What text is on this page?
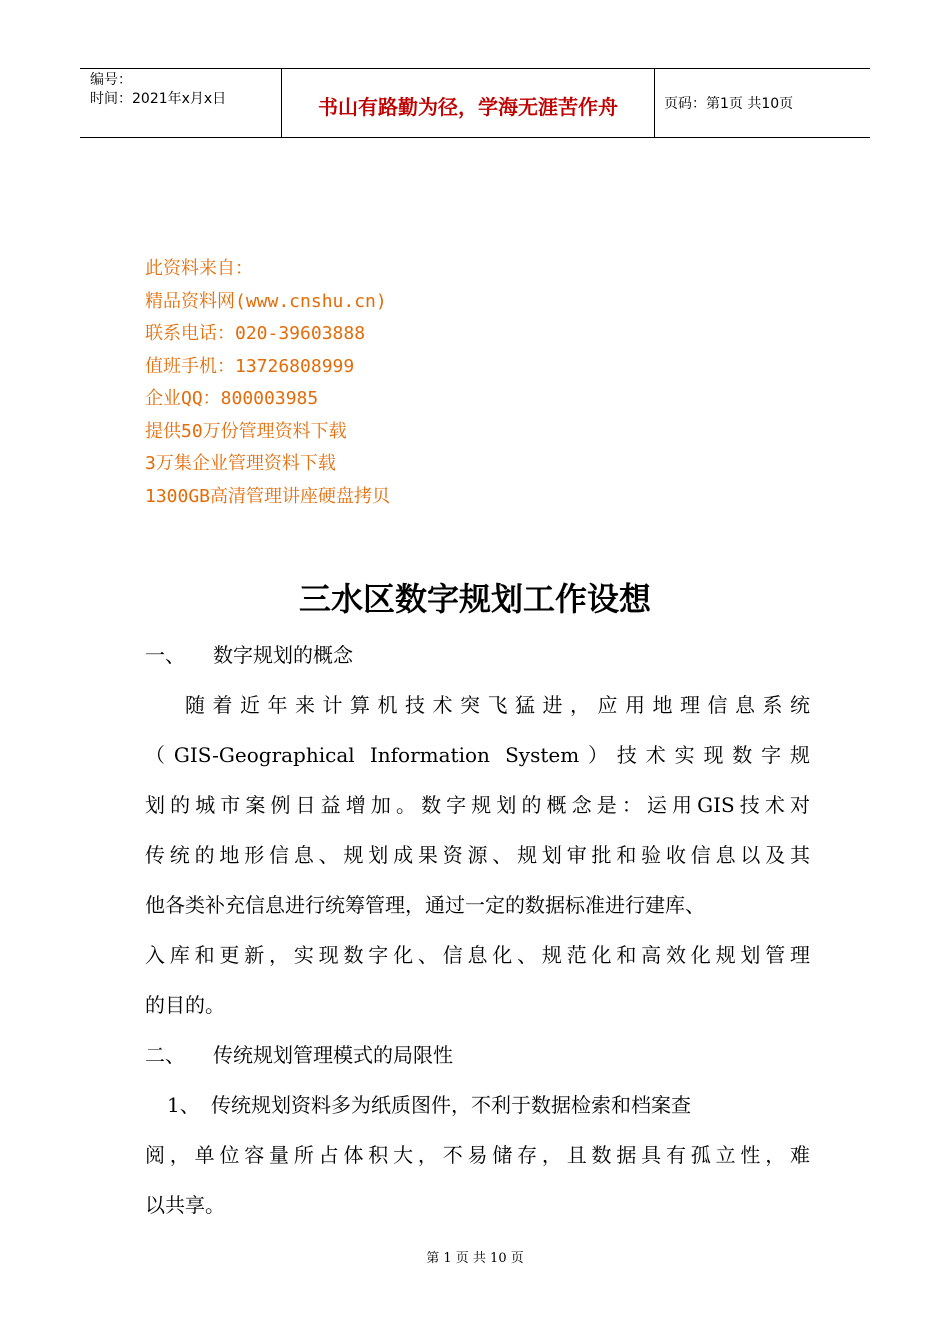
编号：
时间：2021年x月x日	书山有路勤为径，学海无涯苦作舟	页码：第1页 共10页
此资料来自：
精品资料网(www.cnshu.cn)
联系电话：020-39603888
值班手机：13726808999
企业QQ：800003985
提供50万份管理资料下载
3万集企业管理资料下载
1300GB高清管理讲座硬盘拷贝
三水区数字规划工作设想
一、 数字规划的概念
随着近年来计算机技术突飞猛进，应用地理信息系统
（GIS-Geographical Information System）技术实现数字规
划的城市案例日益增加。数字规划的概念是：运用GIS技术对
传统的地形信息、规划成果资源、规划审批和验收信息以及其
他各类补充信息进行统筹管理，通过一定的数据标准进行建库、
入库和更新，实现数字化、信息化、规范化和高效化规划管理
的目的。
二、 传统规划管理模式的局限性
1、 传统规划资料多为纸质图件，不利于数据检索和档案查
阅，单位容量所占体积大，不易储存，且数据具有孤立性，难
以共享。
第 1 页 共 10 页
